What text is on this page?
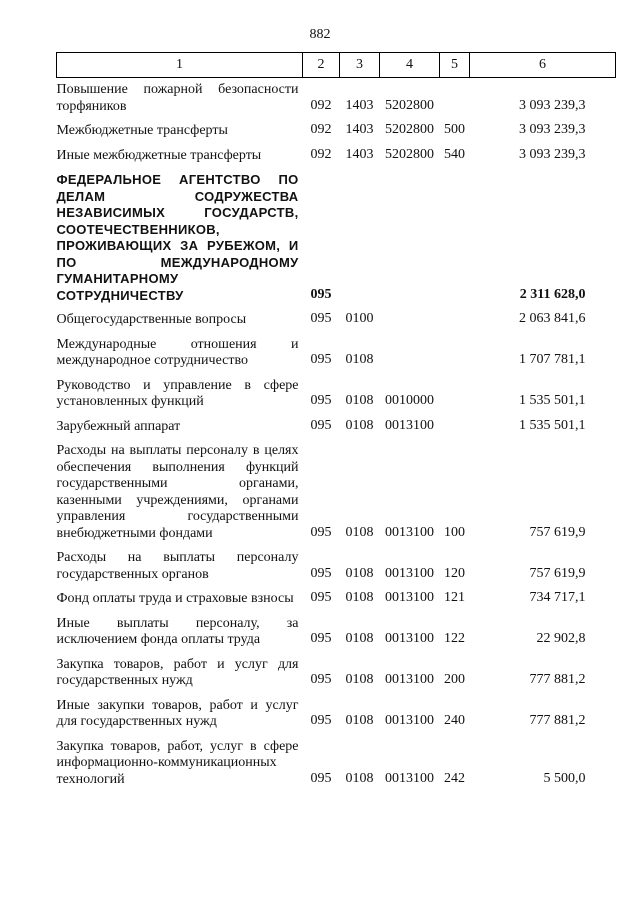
882
1	2	3	4	5	6
Повышение пожарной безопасности торфяников	092	1403	5202800		3 093 239,3
Межбюджетные трансферты	092	1403	5202800	500	3 093 239,3
Иные межбюджетные трансферты	092	1403	5202800	540	3 093 239,3
ФЕДЕРАЛЬНОЕ АГЕНТСТВО ПО ДЕЛАМ СОДРУЖЕСТВА НЕЗАВИСИМЫХ ГОСУДАРСТВ, СООТЕЧЕСТВЕННИКОВ, ПРОЖИВАЮЩИХ ЗА РУБЕЖОМ, И ПО МЕЖДУНАРОДНОМУ ГУМАНИТАРНОМУ СОТРУДНИЧЕСТВУ	095				2 311 628,0
Общегосударственные вопросы	095	0100			2 063 841,6
Международные отношения и международное сотрудничество	095	0108			1 707 781,1
Руководство и управление в сфере установленных функций	095	0108	0010000		1 535 501,1
Зарубежный аппарат	095	0108	0013100		1 535 501,1
Расходы на выплаты персоналу в целях обеспечения выполнения функций государственными органами, казенными учреждениями, органами управления государственными внебюджетными фондами	095	0108	0013100	100	757 619,9
Расходы на выплаты персоналу государственных органов	095	0108	0013100	120	757 619,9
Фонд оплаты труда и страховые взносы	095	0108	0013100	121	734 717,1
Иные выплаты персоналу, за исключением фонда оплаты труда	095	0108	0013100	122	22 902,8
Закупка товаров, работ и услуг для государственных нужд	095	0108	0013100	200	777 881,2
Иные закупки товаров, работ и услуг для государственных нужд	095	0108	0013100	240	777 881,2
Закупка товаров, работ, услуг в сфере информационно-коммуникационных технологий	095	0108	0013100	242	5 500,0
